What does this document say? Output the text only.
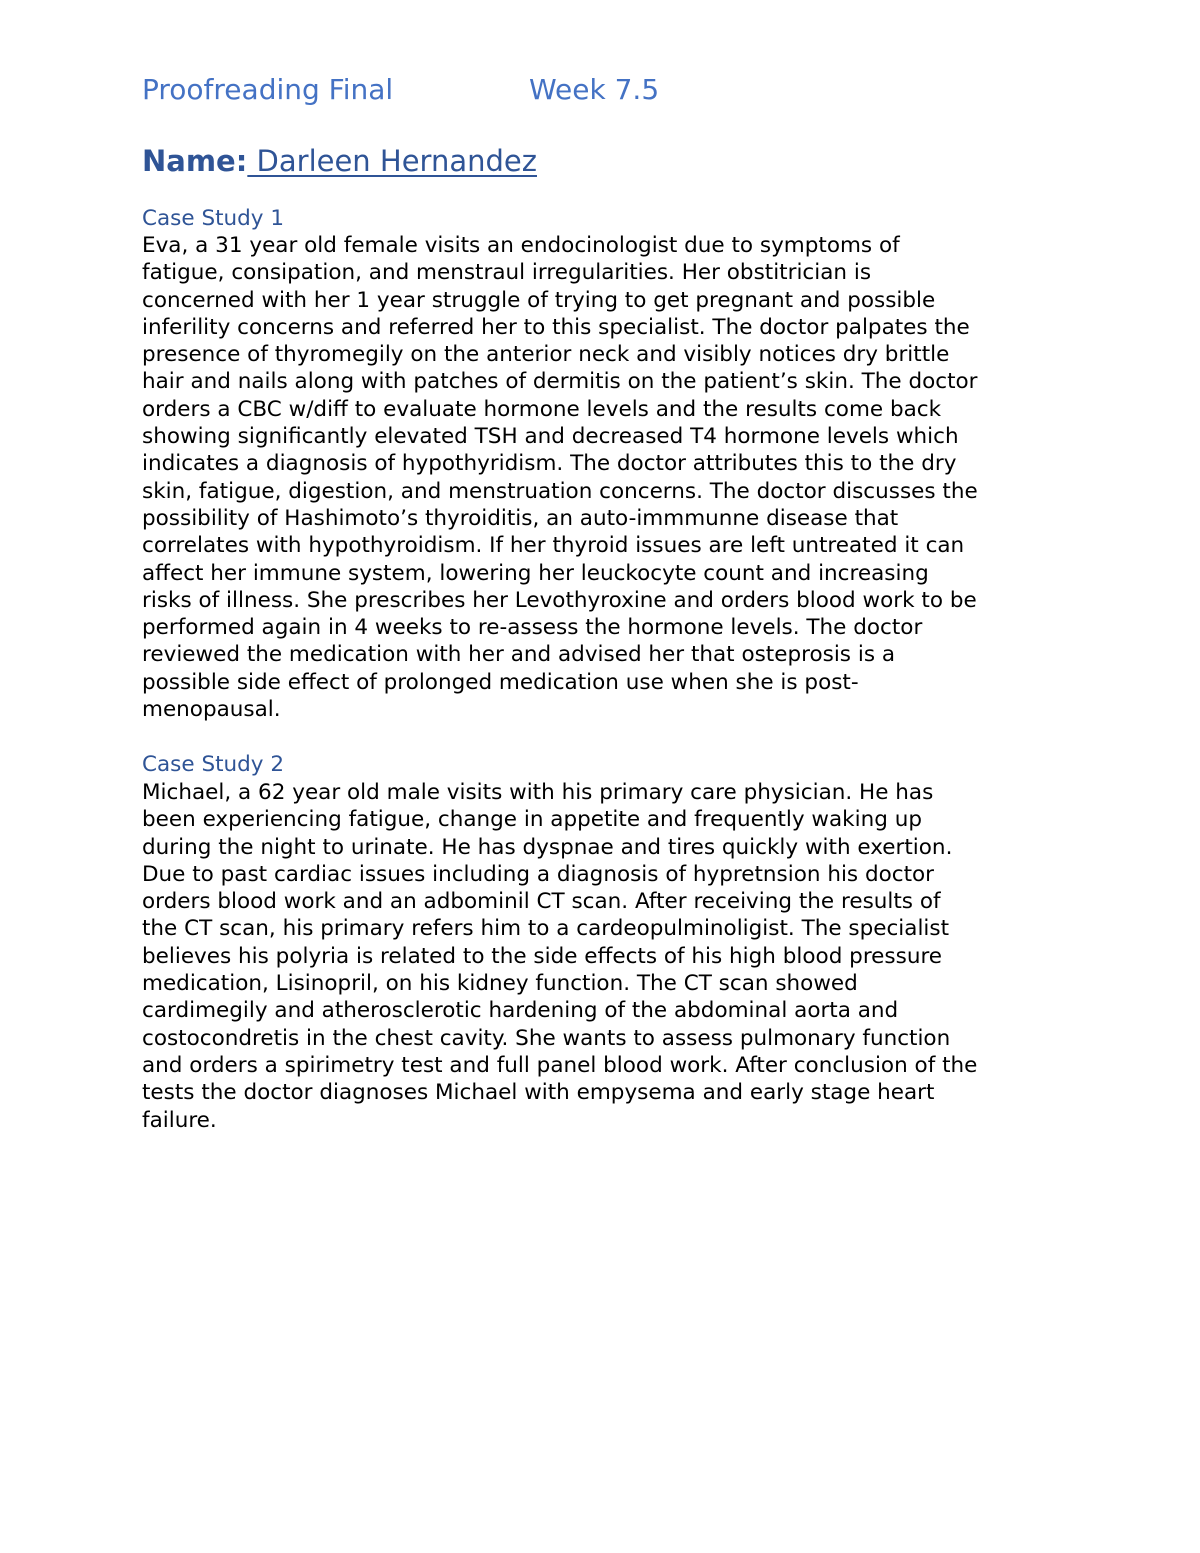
Proofreading Final	Week 7.5
Name: Darleen Hernandez
Case Study 1
Eva, a 31 year old female visits an endocinologist due to symptoms of
fatigue, consipation, and menstraul irregularities. Her obstitrician is
concerned with her 1 year struggle of trying to get pregnant and possible
inferility concerns and referred her to this specialist. The doctor palpates the
presence of thyromegily on the anterior neck and visibly notices dry brittle
hair and nails along with patches of dermitis on the patient’s skin. The doctor
orders a CBC w/diff to evaluate hormone levels and the results come back
showing significantly elevated TSH and decreased T4 hormone levels which
indicates a diagnosis of hypothyridism. The doctor attributes this to the dry
skin, fatigue, digestion, and menstruation concerns. The doctor discusses the
possibility of Hashimoto’s thyroiditis, an auto-immmunne disease that
correlates with hypothyroidism. If her thyroid issues are left untreated it can
affect her immune system, lowering her leuckocyte count and increasing
risks of illness. She prescribes her Levothyroxine and orders blood work to be
performed again in 4 weeks to re-assess the hormone levels. The doctor
reviewed the medication with her and advised her that osteprosis is a
possible side effect of prolonged medication use when she is post-
menopausal.
Case Study 2
Michael, a 62 year old male visits with his primary care physician. He has
been experiencing fatigue, change in appetite and frequently waking up
during the night to urinate. He has dyspnae and tires quickly with exertion.
Due to past cardiac issues including a diagnosis of hypretnsion his doctor
orders blood work and an adbominil CT scan. After receiving the results of
the CT scan, his primary refers him to a cardeopulminoligist. The specialist
believes his polyria is related to the side effects of his high blood pressure
medication, Lisinopril, on his kidney function. The CT scan showed
cardimegily and atherosclerotic hardening of the abdominal aorta and
costocondretis in the chest cavity. She wants to assess pulmonary function
and orders a spirimetry test and full panel blood work. After conclusion of the
tests the doctor diagnoses Michael with empysema and early stage heart
failure.
